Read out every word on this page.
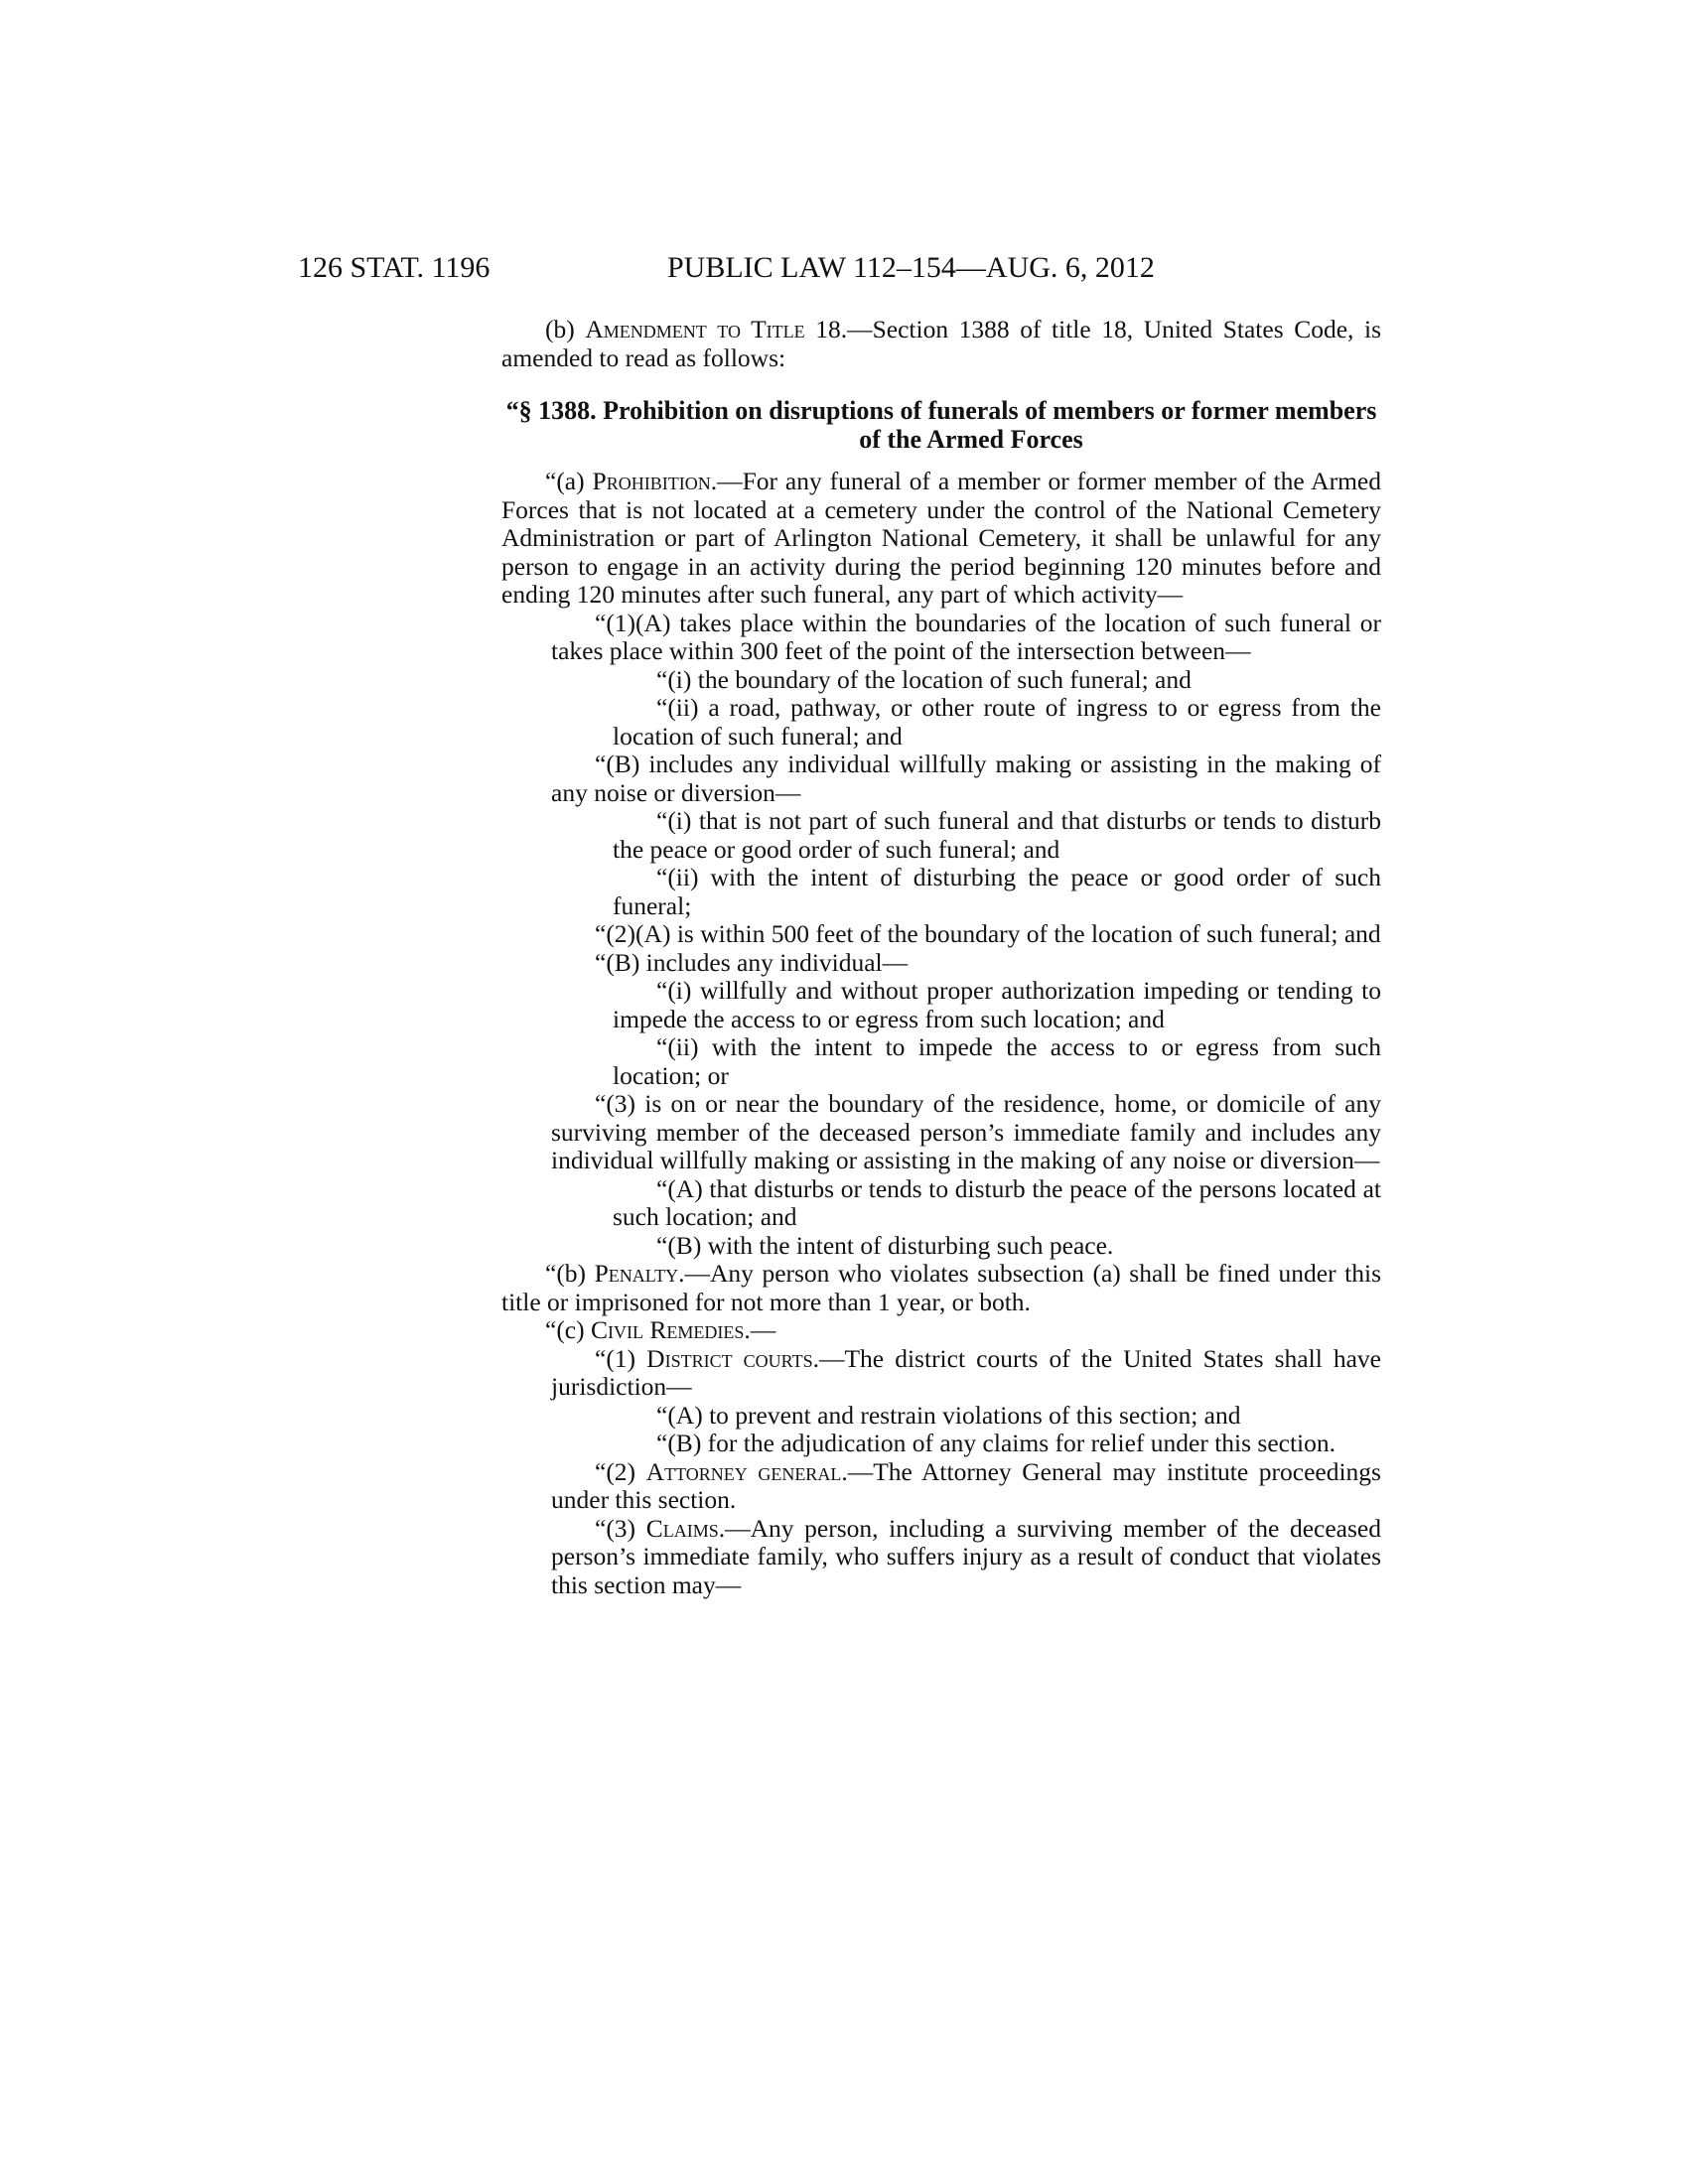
126 STAT. 1196	PUBLIC LAW 112–154—AUG. 6, 2012

(b) Amendment to Title 18.—Section 1388 of title 18, United States Code, is amended to read as follows:

“§ 1388. Prohibition on disruptions of funerals of members or former members of the Armed Forces

“(a) Prohibition.—For any funeral of a member or former member of the Armed Forces that is not located at a cemetery under the control of the National Cemetery Administration or part of Arlington National Cemetery, it shall be unlawful for any person to engage in an activity during the period beginning 120 minutes before and ending 120 minutes after such funeral, any part of which activity—

“(1)(A) takes place within the boundaries of the location of such funeral or takes place within 300 feet of the point of the intersection between—

“(i) the boundary of the location of such funeral; and

“(ii) a road, pathway, or other route of ingress to or egress from the location of such funeral; and

“(B) includes any individual willfully making or assisting in the making of any noise or diversion—

“(i) that is not part of such funeral and that disturbs or tends to disturb the peace or good order of such funeral; and

“(ii) with the intent of disturbing the peace or good order of such funeral;

“(2)(A) is within 500 feet of the boundary of the location of such funeral; and

“(B) includes any individual—

“(i) willfully and without proper authorization impeding or tending to impede the access to or egress from such location; and

“(ii) with the intent to impede the access to or egress from such location; or

“(3) is on or near the boundary of the residence, home, or domicile of any surviving member of the deceased person’s immediate family and includes any individual willfully making or assisting in the making of any noise or diversion—

“(A) that disturbs or tends to disturb the peace of the persons located at such location; and

“(B) with the intent of disturbing such peace.

“(b) Penalty.—Any person who violates subsection (a) shall be fined under this title or imprisoned for not more than 1 year, or both.

“(c) Civil Remedies.—

“(1) District courts.—The district courts of the United States shall have jurisdiction—

“(A) to prevent and restrain violations of this section; and

“(B) for the adjudication of any claims for relief under this section.

“(2) Attorney general.—The Attorney General may institute proceedings under this section.

“(3) Claims.—Any person, including a surviving member of the deceased person’s immediate family, who suffers injury as a result of conduct that violates this section may—
